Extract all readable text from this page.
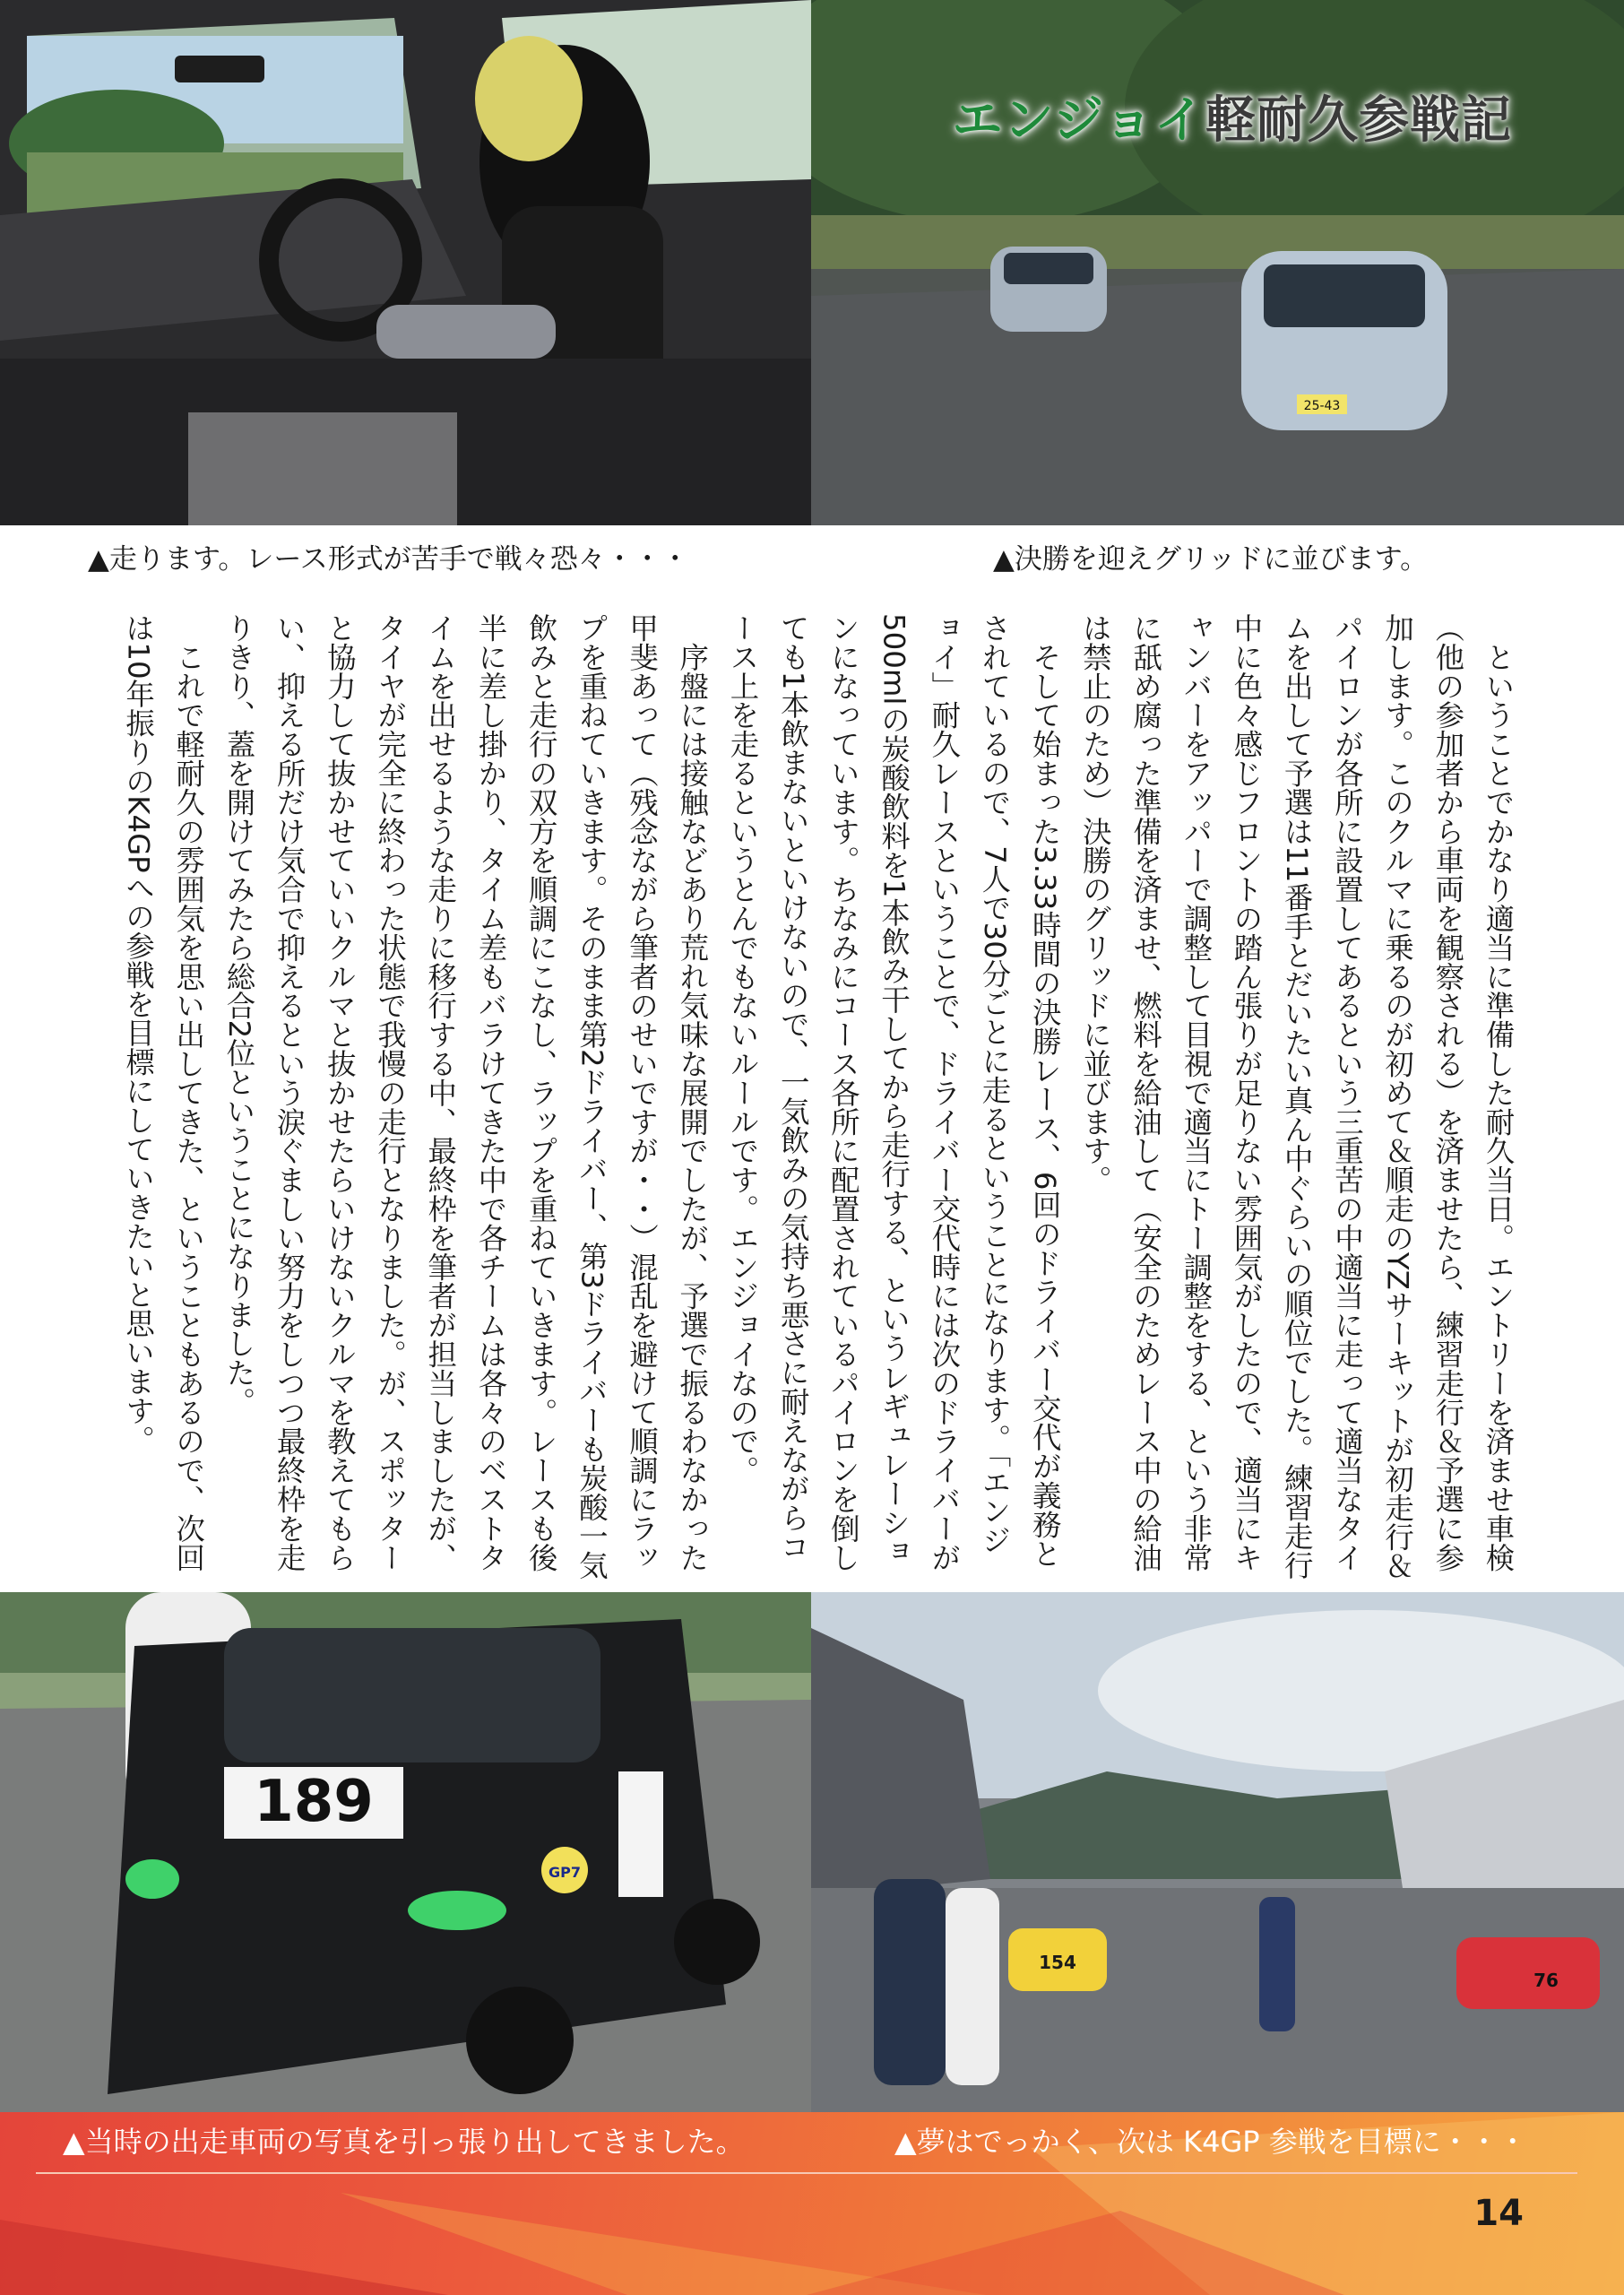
25-43
エンジョイ軽耐久参戦記
▲走ります。レース形式が苦手で戦々恐々・・・	▲決勝を迎えグリッドに並びます。

　ということでかなり適当に準備した耐久当日。エントリーを済ませ車検（他の参加者から車両を観察される）を済ませたら、練習走行＆予選に参加します。このクルマに乗るのが初めて＆順走のYZサーキットが初走行＆パイロンが各所に設置してあるという三重苦の中適当に走って適当なタイムを出して予選は11番手とだいたい真ん中ぐらいの順位でした。練習走行中に色々感じフロントの踏ん張りが足りない雰囲気がしたので、適当にキャンバーをアッパーで調整して目視で適当にトー調整をする、という非常に舐め腐った準備を済ませ、燃料を給油して（安全のためレース中の給油は禁止のため）決勝のグリッドに並びます。

　そして始まった3.33時間の決勝レース、6回のドライバー交代が義務とされているので、7人で30分ごとに走るということになります。「エンジョイ」耐久レースということで、ドライバー交代時には次のドライバーが500mlの炭酸飲料を1本飲み干してから走行する、というレギュレーションになっています。ちなみにコース各所に配置されているパイロンを倒しても1本飲まないといけないので、一気飲みの気持ち悪さに耐えながらコース上を走るというとんでもないルールです。エンジョイなので。

　序盤には接触などあり荒れ気味な展開でしたが、予選で振るわなかった甲斐あって（残念ながら筆者のせいですが・・）混乱を避けて順調にラップを重ねていきます。そのまま第2ドライバー、第3ドライバーも炭酸一気飲みと走行の双方を順調にこなし、ラップを重ねていきます。レースも後半に差し掛かり、タイム差もバラけてきた中で各チームは各々のベストタイムを出せるような走りに移行する中、最終枠を筆者が担当しましたが、タイヤが完全に終わった状態で我慢の走行となりました。が、スポッターと協力して抜かせていいクルマと抜かせたらいけないクルマを教えてもらい、抑える所だけ気合で抑えるという涙ぐましい努力をしつつ最終枠を走りきり、蓋を開けてみたら総合2位ということになりました。

　これで軽耐久の雰囲気を思い出してきた、ということもあるので、次回は10年振りのK4GPへの参戦を目標にしていきたいと思います。

189
GP7
154
76
▲当時の出走車両の写真を引っ張り出してきました。	▲夢はでっかく、次は K4GP 参戦を目標に・・・
14
